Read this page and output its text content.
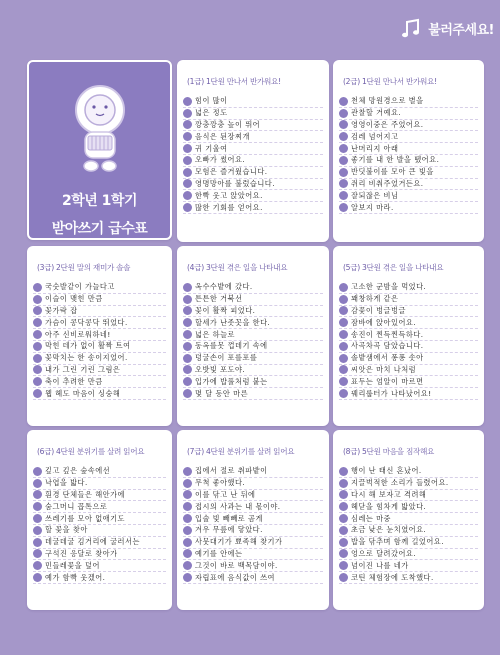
불러주세요!
2학년 1학기
받아쓰기 급수표
(1급) 1단원 만나서 반가워요!
힘이 많이
넓은 정도
깡충깡충 높이 뛰어
음식은 된장찌개
귀 기울여
오빠가 썼어요.
모험은 즐거웠습니다.
영명망아를 불렀습니다.
한빡 웃고 앉았어요.
많한 기회를 얻어요.
(2급) 1단원 만나서 반가워요!
천체 망원경으로 별을
관찰할 거예요.
영영이중은 주었어요.
검레 넘어지고
난머리지 아래
좋기를 내 한 발을 뗐어요.
반딧불이를 모아 큰 빛을
쥐리 비춰주었거든요.
잘되잖은 비님
알보지 마라.
(3급) 2단원 말의 재미가 솔솔
국숫발같이 가늘다고
이슬이 맺힌 만큼
꽃가락 잡
가슴이 콩닥콩닥 뛰었다.
아주 신비로워하네!
막힌 데가 없이 활짝 트여
꽃막치는 한 송이지었어.
내가 그린 기린 그림은
축이 추려한 만큼
웹 헤도 마음이 싱숭해
(4급) 3단원 겪은 일을 나타내요
옥수수밭에 갔다.
튼튼한 거북선
꽃이 활짝 피었다.
할세가 난좃꼿을 한다.
넓은 하늘로
동옥를못 껍데기 속에
덩굴손이 포를포를
오밧빛 포도야.
입가에 밥풀처럼 붙는
몇 달 동안 마른
(5급) 3단원 겪은 일을 나타내요
고소한 군밤을 먹었다.
꽤창하게 같은
감꽃이 벙글벙글
잠바에 앉아있어요.
송진이 찐득찐득하다.
사곡차곡 담았습니다.
솔밭샘에서 퐁퐁 솟아
씨앗은 마치 나처럼
표두는 엄알이 마르면
꿰리룹터가 나타났어요!
(6급) 4단원 분위기를 살려 읽어요
깊고 깊은 숲속에선
낙엽을 밟다.
흰경 단체들은 해안가에
숨그머니 꼽톡으로
쓰레기를 모아 없애기도
할 꽃을 찾아
데굴데굴 김거리에 굴러서는
구석진 응달로 찾아가
민들레꽃을 덮어
예가 함빡 웃겠어.
(7급) 4단원 분위기를 살려 읽어요
집에서 절로 취파밭이
무척 좋아했다.
이를 닦고 난 뒤에
접시의 사과는 내 몫이야.
입술 빛 빼빼로 곰게
겨우 무릎에 닿았다.
사뭇대기가 뾰족해 찾기가
예기를 안에는
그것이 바로 백목담이야.
자립표에 음식값이 쓰여
(8급) 5단원 마음을 짐작해요
행이 난 태신 혼났어.
지끌벅적한 소리가 들렸어요.
다시 해 보자고 격려해
헤닫을 힘차게 밟았다.
심레는 마중
초금 낮은 눈치였어요.
밥을 닦추며 함께 길었어요.
엉으로 달려갔어요.
넘이진 나를 네가
코틴 체험장에 도착했다.
